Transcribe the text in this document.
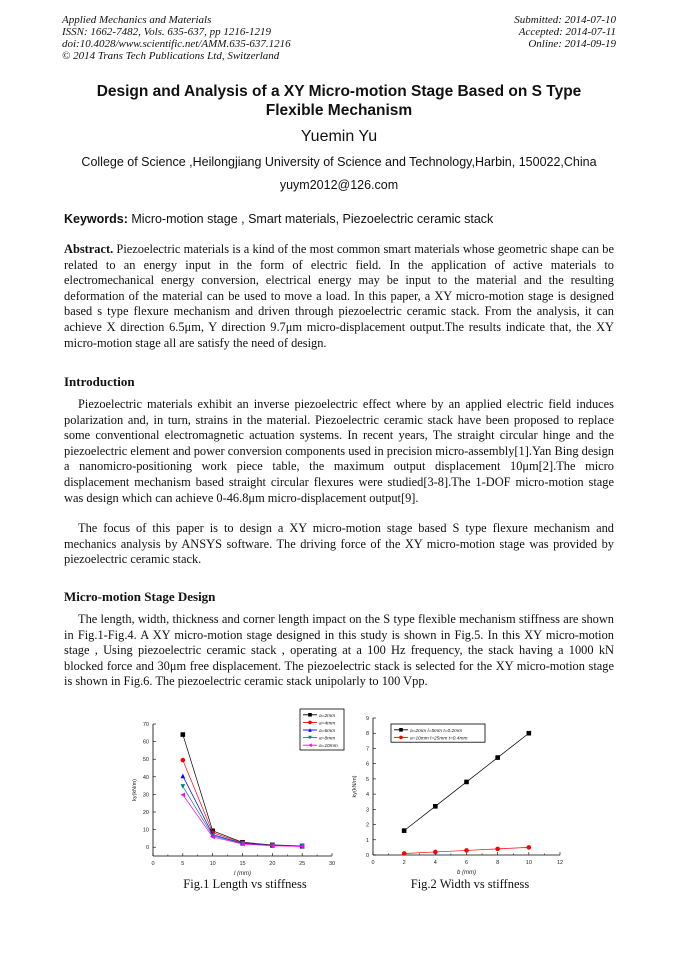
Applied Mechanics and Materials
ISSN: 1662-7482, Vols. 635-637, pp 1216-1219
doi:10.4028/www.scientific.net/AMM.635-637.1216
© 2014 Trans Tech Publications Ltd, Switzerland
Submitted: 2014-07-10
Accepted: 2014-07-11
Online: 2014-09-19
Design and Analysis of a XY Micro-motion Stage Based on S Type
Flexible Mechanism
Yuemin Yu
College of Science ,Heilongjiang University of Science and Technology,Harbin, 150022,China
yuym2012@126.com
Keywords: Micro-motion stage , Smart materials, Piezoelectric ceramic stack
Abstract. Piezoelectric materials is a kind of the most common smart materials whose geometric shape can be related to an energy input in the form of electric field. In the application of active materials to electromechanical energy conversion, electrical energy may be input to the material and the resulting deformation of the material can be used to move a load. In this paper, a XY micro-motion stage is designed based s type flexure mechanism and driven through piezoelectric ceramic stack. From the analysis, it can achieve X direction 6.5μm, Y direction 9.7μm micro-displacement output.The results indicate that, the XY micro-motion stage all are satisfy the need of design.
Introduction
Piezoelectric materials exhibit an inverse piezoelectric effect where by an applied electric field induces polarization and, in turn, strains in the material. Piezoelectric ceramic stack have been proposed to replace some conventional electromagnetic actuation systems. In recent years, The straight circular hinge and the piezoelectric element and power conversion components used in precision micro-assembly[1].Yan Bing design a nanomicro-positioning work piece table, the maximum output displacement 10μm[2].The micro displacement mechanism based straight circular flexures were studied[3-8].The 1-DOF micro-motion stage was design which can achieve 0-46.8μm micro-displacement output[9].
The focus of this paper is to design a XY micro-motion stage based S type flexure mechanism and mechanics analysis by ANSYS software. The driving force of the XY micro-motion stage was provided by piezoelectric ceramic stack.
Micro-motion Stage Design
The length, width, thickness and corner length impact on the S type flexible mechanism stiffness are shown in Fig.1-Fig.4. A XY micro-motion stage designed in this study is shown in Fig.5. In this XY micro-motion stage , Using piezoelectric ceramic stack , operating at a 100 Hz frequency, the stack having a 1000 kN blocked force and 30μm free displacement. The piezoelectric stack is selected for the XY micro-motion stage is shown in Fig.6. The piezoelectric ceramic stack unipolarly to 100 Vpp.
0
10
20
30
40
50
60
70
0	5	10	15	20	25	30
l (mm)
ky(kN/m)
a=2mm
a=4mm
a=6mm
a=8mm
a=10mm
Fig.1 Length vs stiffness
0
1
2
3
4
5
6
7
8
9
0	2	4	6	8	10	12
b (mm)
ky(kN/m)
a=2mm l=5mm t=0.2mm
a=10mm l=25mm t=0.4mm
Fig.2 Width vs stiffness
